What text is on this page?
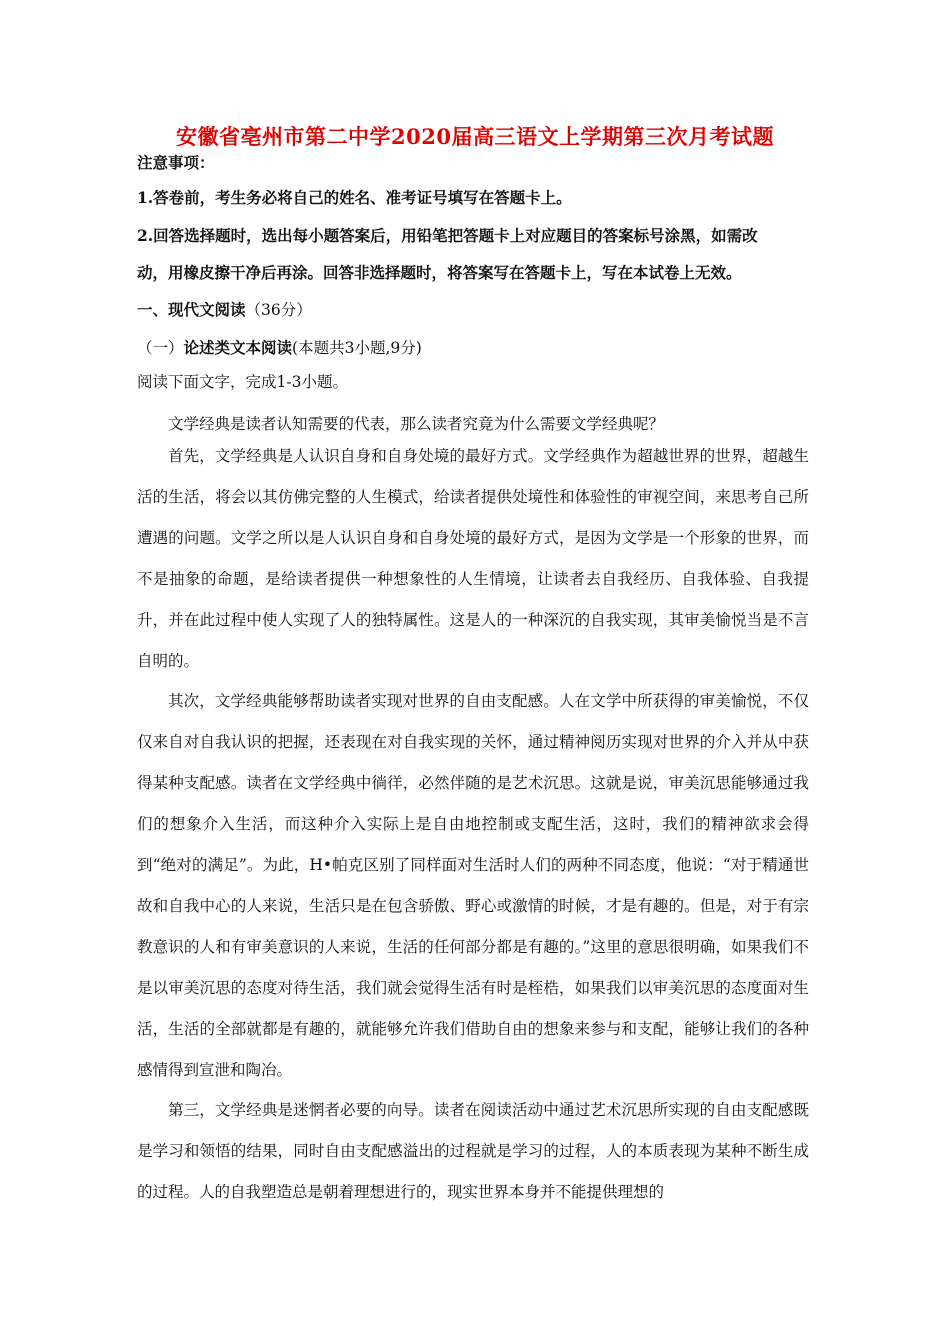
安徽省亳州市第二中学2020届高三语文上学期第三次月考试题
注意事项：
1.答卷前，考生务必将自己的姓名、准考证号填写在答题卡上。
2.回答选择题时，选出每小题答案后，用铅笔把答题卡上对应题目的答案标号涂黑，如需改
动，用橡皮擦干净后再涂。回答非选择题时，将答案写在答题卡上，写在本试卷上无效。
一、现代文阅读（36分）
（一）论述类文本阅读(本题共3小题,9分)
阅读下面文字，完成1-3小题。

文学经典是读者认知需要的代表，那么读者究竟为什么需要文学经典呢？

首先，文学经典是人认识自身和自身处境的最好方式。文学经典作为超越世界的世界，超越生活的生活，将会以其仿佛完整的人生模式，给读者提供处境性和体验性的审视空间，来思考自己所遭遇的问题。文学之所以是人认识自身和自身处境的最好方式，是因为文学是一个形象的世界，而不是抽象的命题，是给读者提供一种想象性的人生情境，让读者去自我经历、自我体验、自我提升，并在此过程中使人实现了人的独特属性。这是人的一种深沉的自我实现，其审美愉悦当是不言自明的。

其次，文学经典能够帮助读者实现对世界的自由支配感。人在文学中所获得的审美愉悦，不仅仅来自对自我认识的把握，还表现在对自我实现的关怀，通过精神阅历实现对世界的介入并从中获得某种支配感。读者在文学经典中徜徉，必然伴随的是艺术沉思。这就是说，审美沉思能够通过我们的想象介入生活，而这种介入实际上是自由地控制或支配生活，这时，我们的精神欲求会得到“绝对的满足”。为此，H•帕克区别了同样面对生活时人们的两种不同态度，他说：“对于精通世故和自我中心的人来说，生活只是在包含骄傲、野心或激情的时候，才是有趣的。但是，对于有宗教意识的人和有审美意识的人来说，生活的任何部分都是有趣的。”这里的意思很明确，如果我们不是以审美沉思的态度对待生活，我们就会觉得生活有时是桎梏，如果我们以审美沉思的态度面对生活，生活的全部就都是有趣的，就能够允许我们借助自由的想象来参与和支配，能够让我们的各种感情得到宣泄和陶冶。

第三，文学经典是迷惘者必要的向导。读者在阅读活动中通过艺术沉思所实现的自由支配感既是学习和领悟的结果，同时自由支配感溢出的过程就是学习的过程，人的本质表现为某种不断生成的过程。人的自我塑造总是朝着理想进行的，现实世界本身并不能提供理想的
